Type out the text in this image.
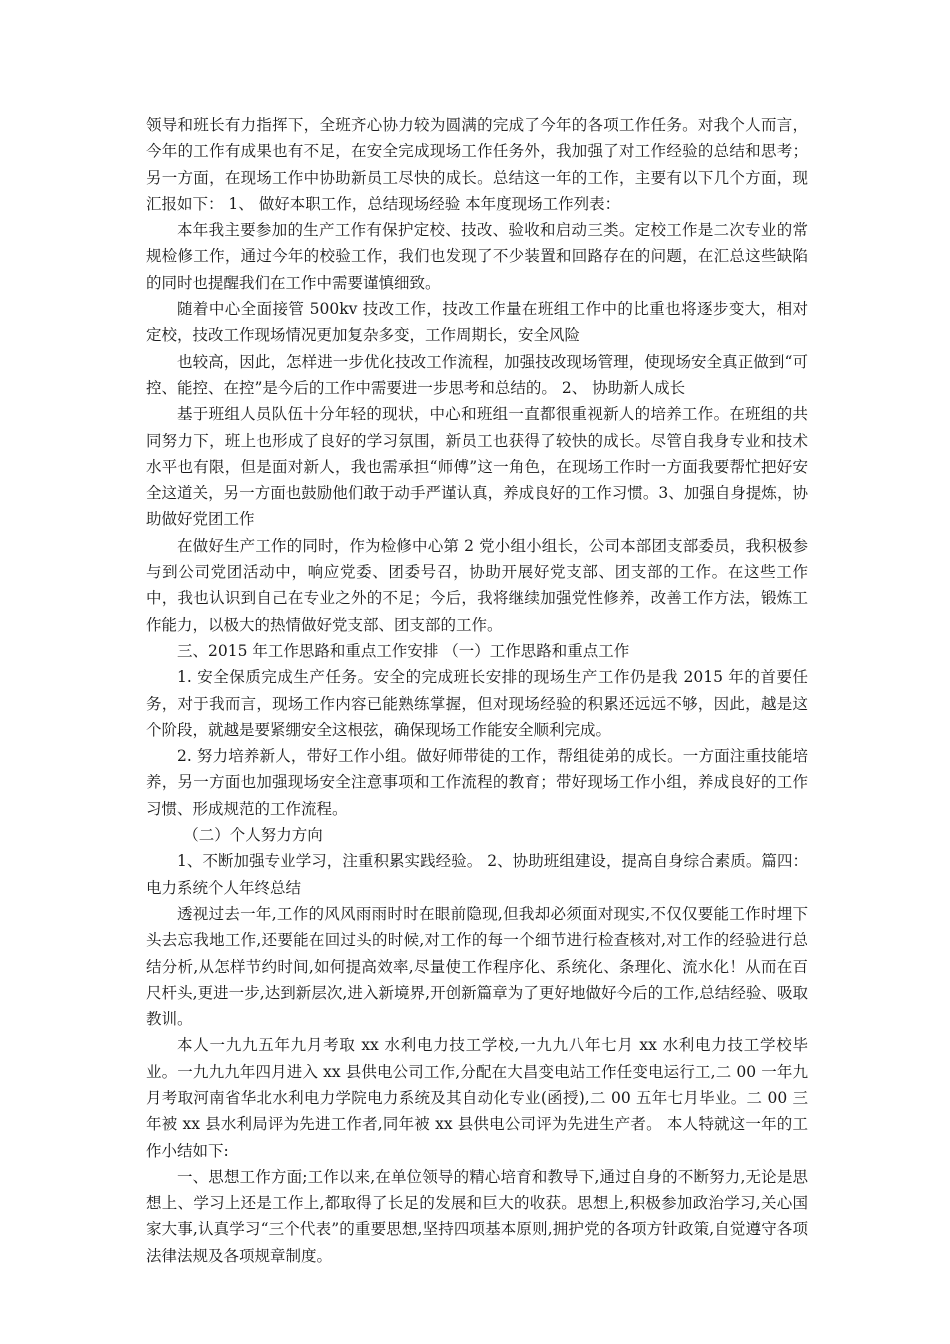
领导和班长有力指挥下，全班齐心协力较为圆满的完成了今年的各项工作任务。对我个人而言，今年的工作有成果也有不足，在安全完成现场工作任务外，我加强了对工作经验的总结和思考；另一方面，在现场工作中协助新员工尽快的成长。总结这一年的工作，主要有以下几个方面，现汇报如下： 1、 做好本职工作，总结现场经验 本年度现场工作列表：

本年我主要参加的生产工作有保护定校、技改、验收和启动三类。定校工作是二次专业的常规检修工作，通过今年的校验工作，我们也发现了不少装置和回路存在的问题，在汇总这些缺陷的同时也提醒我们在工作中需要谨慎细致。

随着中心全面接管 500kv 技改工作，技改工作量在班组工作中的比重也将逐步变大，相对定校，技改工作现场情况更加复杂多变，工作周期长，安全风险

也较高，因此，怎样进一步优化技改工作流程，加强技改现场管理，使现场安全真正做到“可控、能控、在控”是今后的工作中需要进一步思考和总结的。 2、 协助新人成长

基于班组人员队伍十分年轻的现状，中心和班组一直都很重视新人的培养工作。在班组的共同努力下，班上也形成了良好的学习氛围，新员工也获得了较快的成长。尽管自我身专业和技术水平也有限，但是面对新人，我也需承担“师傅”这一角色，在现场工作时一方面我要帮忙把好安全这道关，另一方面也鼓励他们敢于动手严谨认真，养成良好的工作习惯。3、加强自身提炼，协助做好党团工作

在做好生产工作的同时，作为检修中心第 2 党小组小组长，公司本部团支部委员，我积极参与到公司党团活动中，响应党委、团委号召，协助开展好党支部、团支部的工作。在这些工作中，我也认识到自己在专业之外的不足；今后，我将继续加强党性修养，改善工作方法，锻炼工作能力，以极大的热情做好党支部、团支部的工作。

三、2015 年工作思路和重点工作安排 （一）工作思路和重点工作

1. 安全保质完成生产任务。安全的完成班长安排的现场生产工作仍是我 2015 年的首要任务，对于我而言，现场工作内容已能熟练掌握，但对现场经验的积累还远远不够，因此，越是这个阶段，就越是要紧绷安全这根弦，确保现场工作能安全顺利完成。

2. 努力培养新人，带好工作小组。做好师带徒的工作，帮组徒弟的成长。一方面注重技能培养，另一方面也加强现场安全注意事项和工作流程的教育；带好现场工作小组，养成良好的工作习惯、形成规范的工作流程。

（二）个人努力方向

1、不断加强专业学习，注重积累实践经验。 2、协助班组建设，提高自身综合素质。篇四：电力系统个人年终总结

透视过去一年,工作的风风雨雨时时在眼前隐现,但我却必须面对现实,不仅仅要能工作时埋下头去忘我地工作,还要能在回过头的时候,对工作的每一个细节进行检查核对,对工作的经验进行总结分析,从怎样节约时间,如何提高效率,尽量使工作程序化、系统化、条理化、流水化！从而在百尺杆头,更进一步,达到新层次,进入新境界,开创新篇章为了更好地做好今后的工作,总结经验、吸取教训。

本人一九九五年九月考取 xx 水利电力技工学校,一九九八年七月 xx 水利电力技工学校毕业。一九九九年四月进入 xx 县供电公司工作,分配在大昌变电站工作任变电运行工,二 00 一年九月考取河南省华北水利电力学院电力系统及其自动化专业(函授),二 00 五年七月毕业。二 00 三年被 xx 县水利局评为先进工作者,同年被 xx 县供电公司评为先进生产者。 本人特就这一年的工作小结如下:

一、思想工作方面;工作以来,在单位领导的精心培育和教导下,通过自身的不断努力,无论是思想上、学习上还是工作上,都取得了长足的发展和巨大的收获。思想上,积极参加政治学习,关心国家大事,认真学习“三个代表”的重要思想,坚持四项基本原则,拥护党的各项方针政策,自觉遵守各项法律法规及各项规章制度。
